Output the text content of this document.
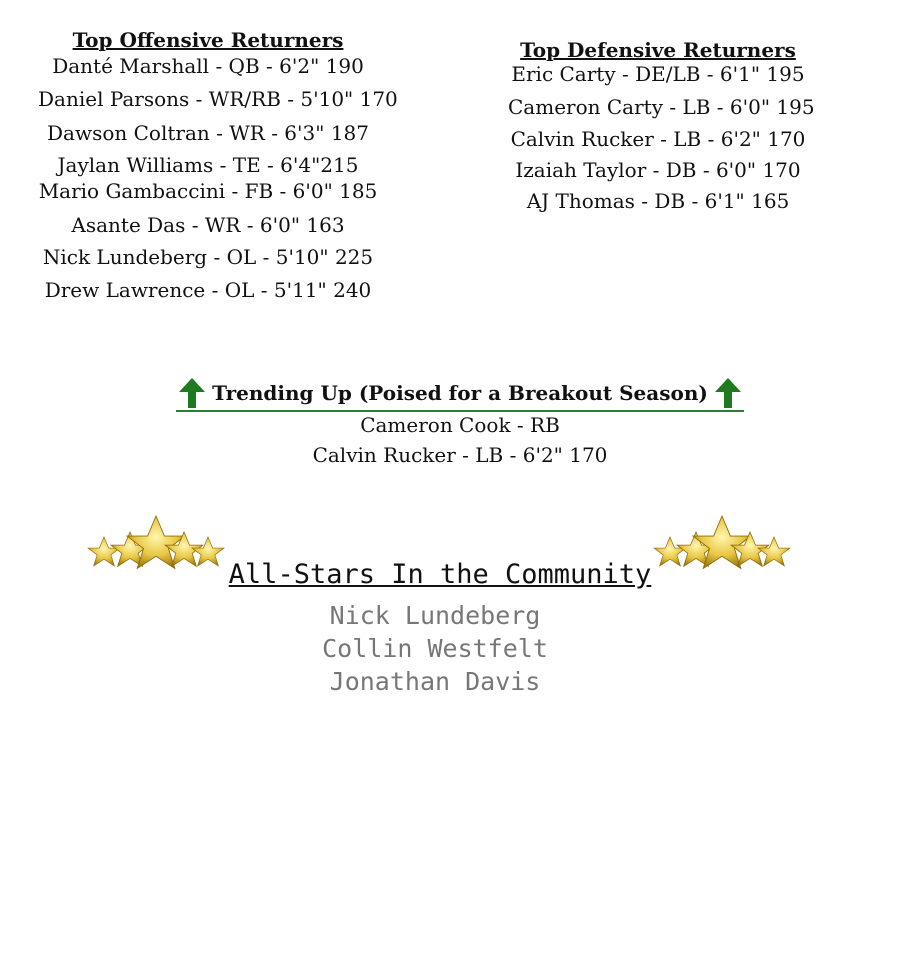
Top Offensive Returners
Danté Marshall - QB - 6'2" 190
Daniel Parsons - WR/RB - 5'10" 170
Dawson Coltran - WR - 6'3" 187
Jaylan Williams - TE - 6'4"215
Mario Gambaccini - FB - 6'0" 185
Asante Das - WR - 6'0" 163
Nick Lundeberg - OL - 5'10" 225
Drew Lawrence - OL - 5'11" 240
Top Defensive Returners
Eric Carty - DE/LB - 6'1" 195
Cameron Carty - LB - 6'0" 195
Calvin Rucker - LB - 6'2" 170
Izaiah Taylor - DB - 6'0" 170
AJ Thomas - DB - 6'1" 165
Trending Up (Poised for a Breakout Season)
Cameron Cook - RB
Calvin Rucker - LB - 6'2" 170
All-Stars In the Community
Nick Lundeberg
Collin Westfelt
Jonathan Davis
